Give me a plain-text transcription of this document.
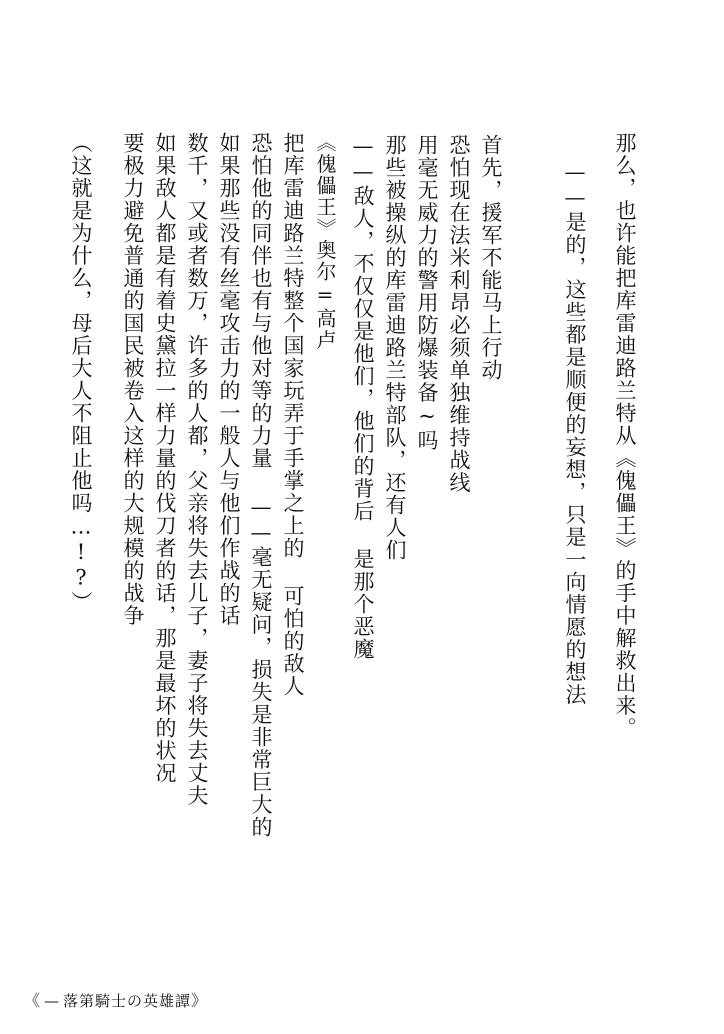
那么，也许能把库雷迪路兰特从《傀儡王》的手中解救出来。

——是的，这些都是顺便的妄想，只是一向情愿的想法

首先，援军不能马上行动

恐怕现在法米利昂必须单独维持战线

用毫无威力的警用防爆装备~吗

那些被操纵的库雷迪路兰特部队，还有人们

——敌人，不仅仅是他们，他们的背后 是那个恶魔

《傀儡王》奥尔=高卢

把库雷迪路兰特整个国家玩弄于手掌之上的 可怕的敌人

恐怕他的同伴也有与他对等的力量 ——毫无疑问，损失是非常巨大的

如果那些没有丝毫攻击力的一般人与他们作战的话

数千，又或者数万，许多的人都，父亲将失去儿子，妻子将失去丈夫

如果敌人都是有着史黛拉一样力量的伐刀者的话，那是最坏的状况

要极力避免普通的国民被卷入这样的大规模的战争

（这就是为什么，母后大人不阻止他吗…!?）

《 — 落第騎士の英雄譚》
